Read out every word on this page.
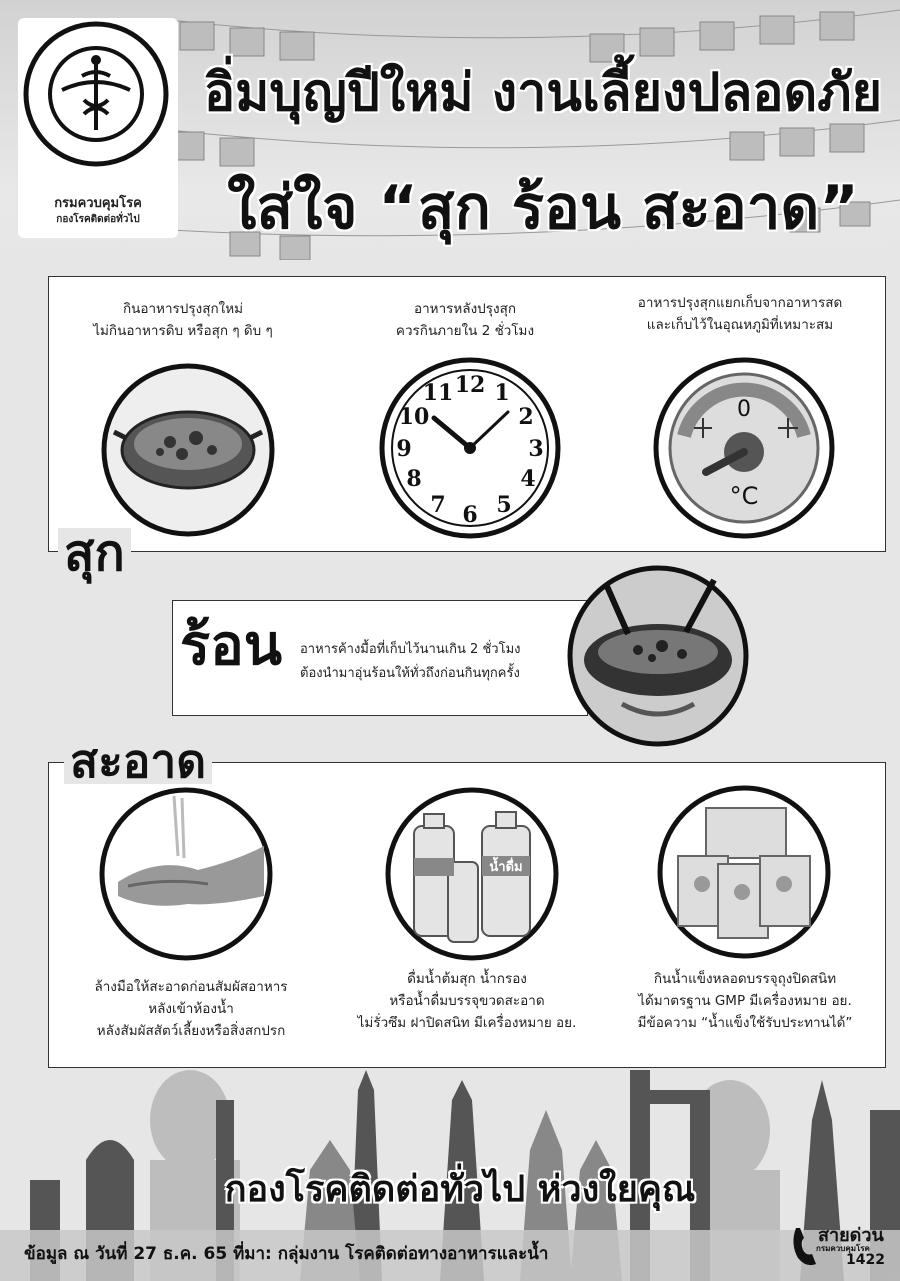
กรมควบคุมโรค
กองโรคติดต่อทั่วไป
อิ่มบุญปีใหม่ งานเลี้ยงปลอดภัย
ใส่ใจ “สุก ร้อน สะอาด”
กินอาหารปรุงสุกใหม่
ไม่กินอาหารดิบ หรือสุก ๆ ดิบ ๆ
อาหารหลังปรุงสุก
ควรกินภายใน 2 ชั่วโมง
อาหารปรุงสุกแยกเก็บจากอาหารสด
และเก็บไว้ในอุณหภูมิที่เหมาะสม
12 1
2
3
4
5
6
7
8
9
10
11
0
°C
สุก
ร้อน อาหารค้างมื้อที่เก็บไว้นานเกิน 2 ชั่วโมง
ต้องนำมาอุ่นร้อนให้ทั่วถึงก่อนกินทุกครั้ง
สะอาด
น้ำดื่ม
ล้างมือให้สะอาดก่อนสัมผัสอาหาร
หลังเข้าห้องน้ำ
หลังสัมผัสสัตว์เลี้ยงหรือสิ่งสกปรก
ดื่มน้ำต้มสุก น้ำกรอง
หรือน้ำดื่มบรรจุขวดสะอาด
ไม่รั่วซึม ฝาปิดสนิท มีเครื่องหมาย อย.
กินน้ำแข็งหลอดบรรจุถุงปิดสนิท
ได้มาตรฐาน GMP มีเครื่องหมาย อย.
มีข้อความ “น้ำแข็งใช้รับประทานได้”
กองโรคติดต่อทั่วไป ห่วงใยคุณ
ข้อมูล ณ วันที่ 27 ธ.ค. 65 ที่มา: กลุ่มงาน โรคติดต่อทางอาหารและน้ำ
สายด่วน
กรมควบคุมโรค
1422
